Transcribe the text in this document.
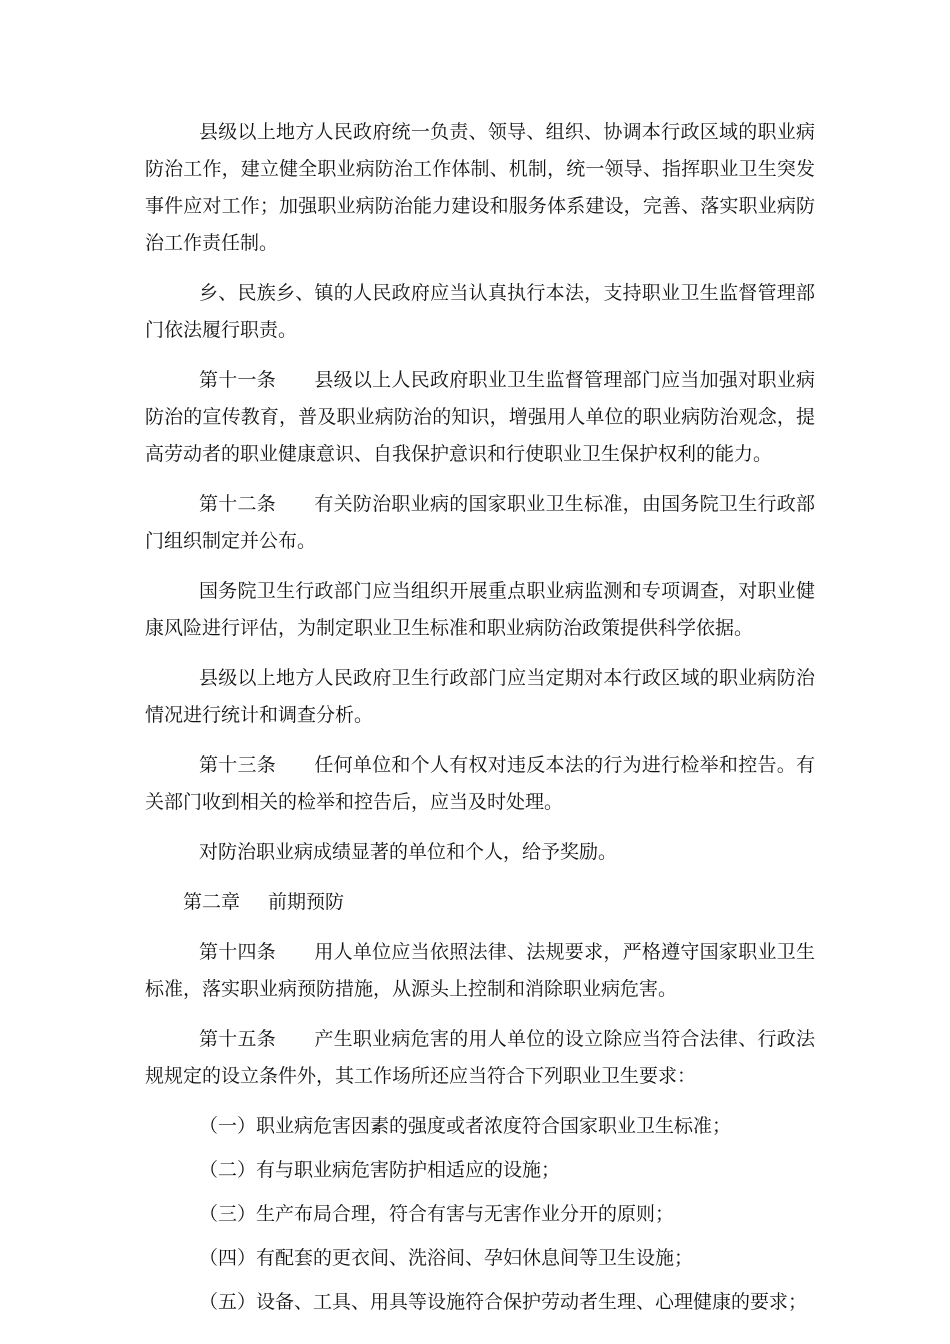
县级以上地方人民政府统一负责、领导、组织、协调本行政区域的职业病防治工作，建立健全职业病防治工作体制、机制，统一领导、指挥职业卫生突发事件应对工作；加强职业病防治能力建设和服务体系建设，完善、落实职业病防治工作责任制。

乡、民族乡、镇的人民政府应当认真执行本法，支持职业卫生监督管理部门依法履行职责。

第十一条 县级以上人民政府职业卫生监督管理部门应当加强对职业病防治的宣传教育，普及职业病防治的知识，增强用人单位的职业病防治观念，提高劳动者的职业健康意识、自我保护意识和行使职业卫生保护权利的能力。

第十二条 有关防治职业病的国家职业卫生标准，由国务院卫生行政部门组织制定并公布。

国务院卫生行政部门应当组织开展重点职业病监测和专项调查，对职业健康风险进行评估，为制定职业卫生标准和职业病防治政策提供科学依据。

县级以上地方人民政府卫生行政部门应当定期对本行政区域的职业病防治情况进行统计和调查分析。

第十三条 任何单位和个人有权对违反本法的行为进行检举和控告。有关部门收到相关的检举和控告后，应当及时处理。

对防治职业病成绩显著的单位和个人，给予奖励。

第二章 前期预防

第十四条 用人单位应当依照法律、法规要求，严格遵守国家职业卫生标准，落实职业病预防措施，从源头上控制和消除职业病危害。

第十五条 产生职业病危害的用人单位的设立除应当符合法律、行政法规规定的设立条件外，其工作场所还应当符合下列职业卫生要求：

（一）职业病危害因素的强度或者浓度符合国家职业卫生标准；

（二）有与职业病危害防护相适应的设施；

（三）生产布局合理，符合有害与无害作业分开的原则；

（四）有配套的更衣间、洗浴间、孕妇休息间等卫生设施；

（五）设备、工具、用具等设施符合保护劳动者生理、心理健康的要求；
